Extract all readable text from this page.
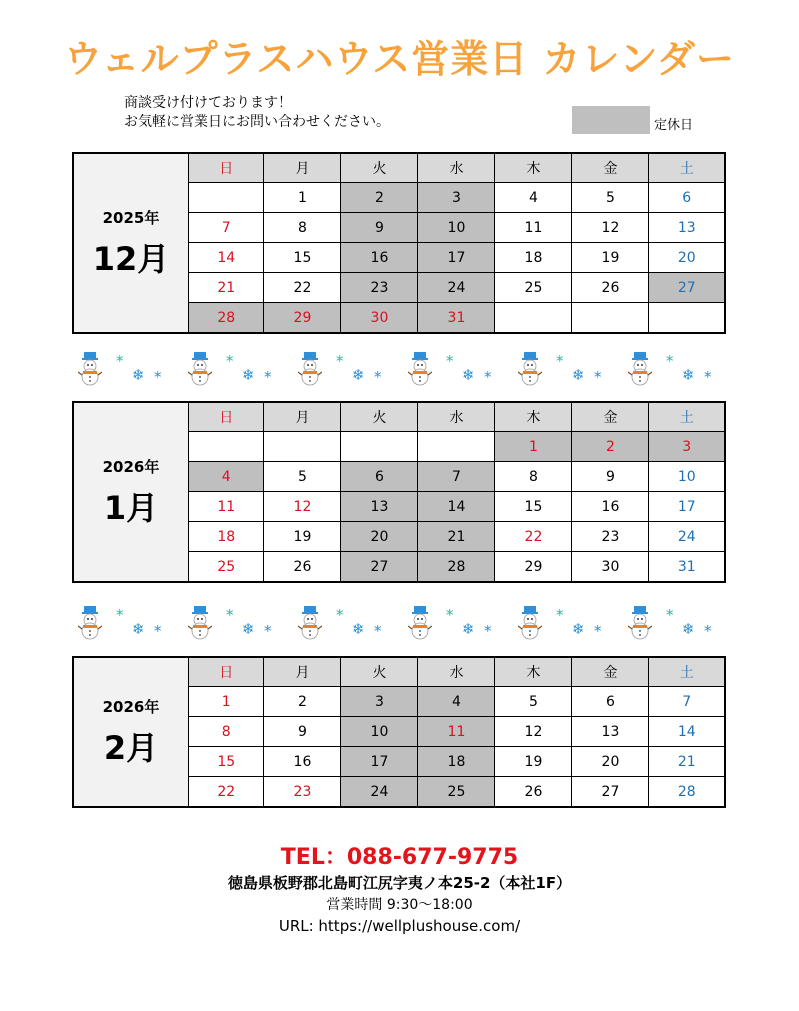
ウェルプラスハウス営業日 カレンダー
商談受け付けております！
お気軽に営業日にお問い合わせください。	定休日
2025年
12月
日	月	火	水	木	金	土
	1	2	3	4	5	6
7	8	9	10	11	12	13
14	15	16	17	18	19	20
21	22	23	24	25	26	27
28	29	30	31			
*
❄ *
*
❄ *
*
❄ *
*
❄ *
*
❄ *
*
❄ *
2026年
1月
日	月	火	水	木	金	土
				1	2	3
4	5	6	7	8	9	10
11	12	13	14	15	16	17
18	19	20	21	22	23	24
25	26	27	28	29	30	31
*
❄ *
*
❄ *
*
❄ *
*
❄ *
*
❄ *
*
❄ *
2026年
2月
日	月	火	水	木	金	土
1	2	3	4	5	6	7
8	9	10	11	12	13	14
15	16	17	18	19	20	21
22	23	24	25	26	27	28
TEL：088-677-9775
徳島県板野郡北島町江尻字夷ノ本25-2（本社1F）
営業時間 9:30～18:00
URL: https://wellplushouse.com/
